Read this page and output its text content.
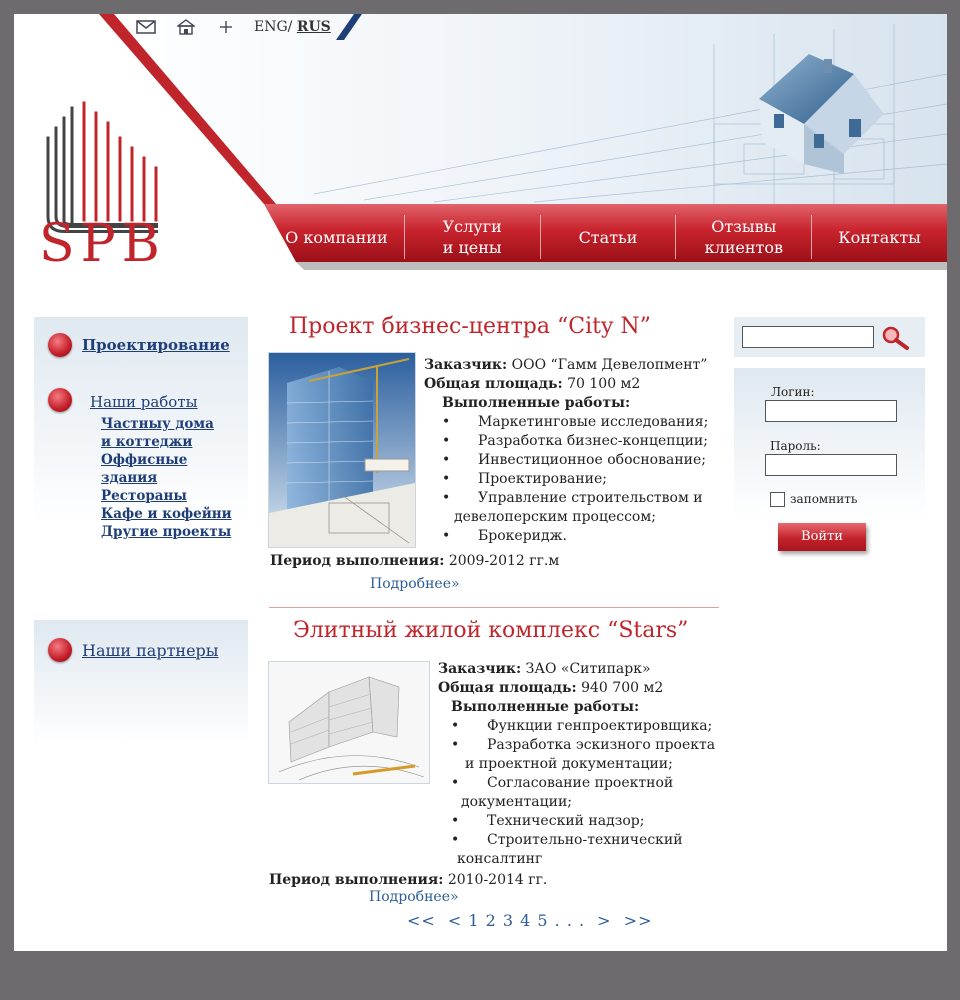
ENG/ RUS
SPB	О компании
Услуги
и цены
Статьи
Отзывы
клиентов
Контакты
Проектирование
Наши работы
Частныу дома
и коттеджи
Оффисные
здания
Рестораны
Кафе и кофейни
Другие проекты
Наши партнеры
Проект бизнес-центра “City N”
Заказчик: ООО “Гамм Девелопмент”
Общая площадь: 70 100 м2
Выполненные работы:
• Маркетинговые исследования;
• Разработка бизнес-концепции;
• Инвестиционное обоснование;
• Проектирование;
• Управление строительством и
девелоперским процессом;
• Брокеридж.
Период выполнения: 2009-2012 гг.м
Подробнее»
Элитный жилой комплекс “Stars”
Заказчик: ЗАО «Ситипарк»
Общая площадь: 940 700 м2
Выполненные работы:
• Функции генпроектировщика;
• Разработка эскизного проекта
и проектной документации;
• Согласование проектной
документации;
• Технический надзор;
• Строительно-технический
консалтинг
Период выполнения: 2010-2014 гг.
Подробнее»
<< < 1 2 3 4 5 . . . > >>
Логин:
Пароль:
запомнить
Войти
